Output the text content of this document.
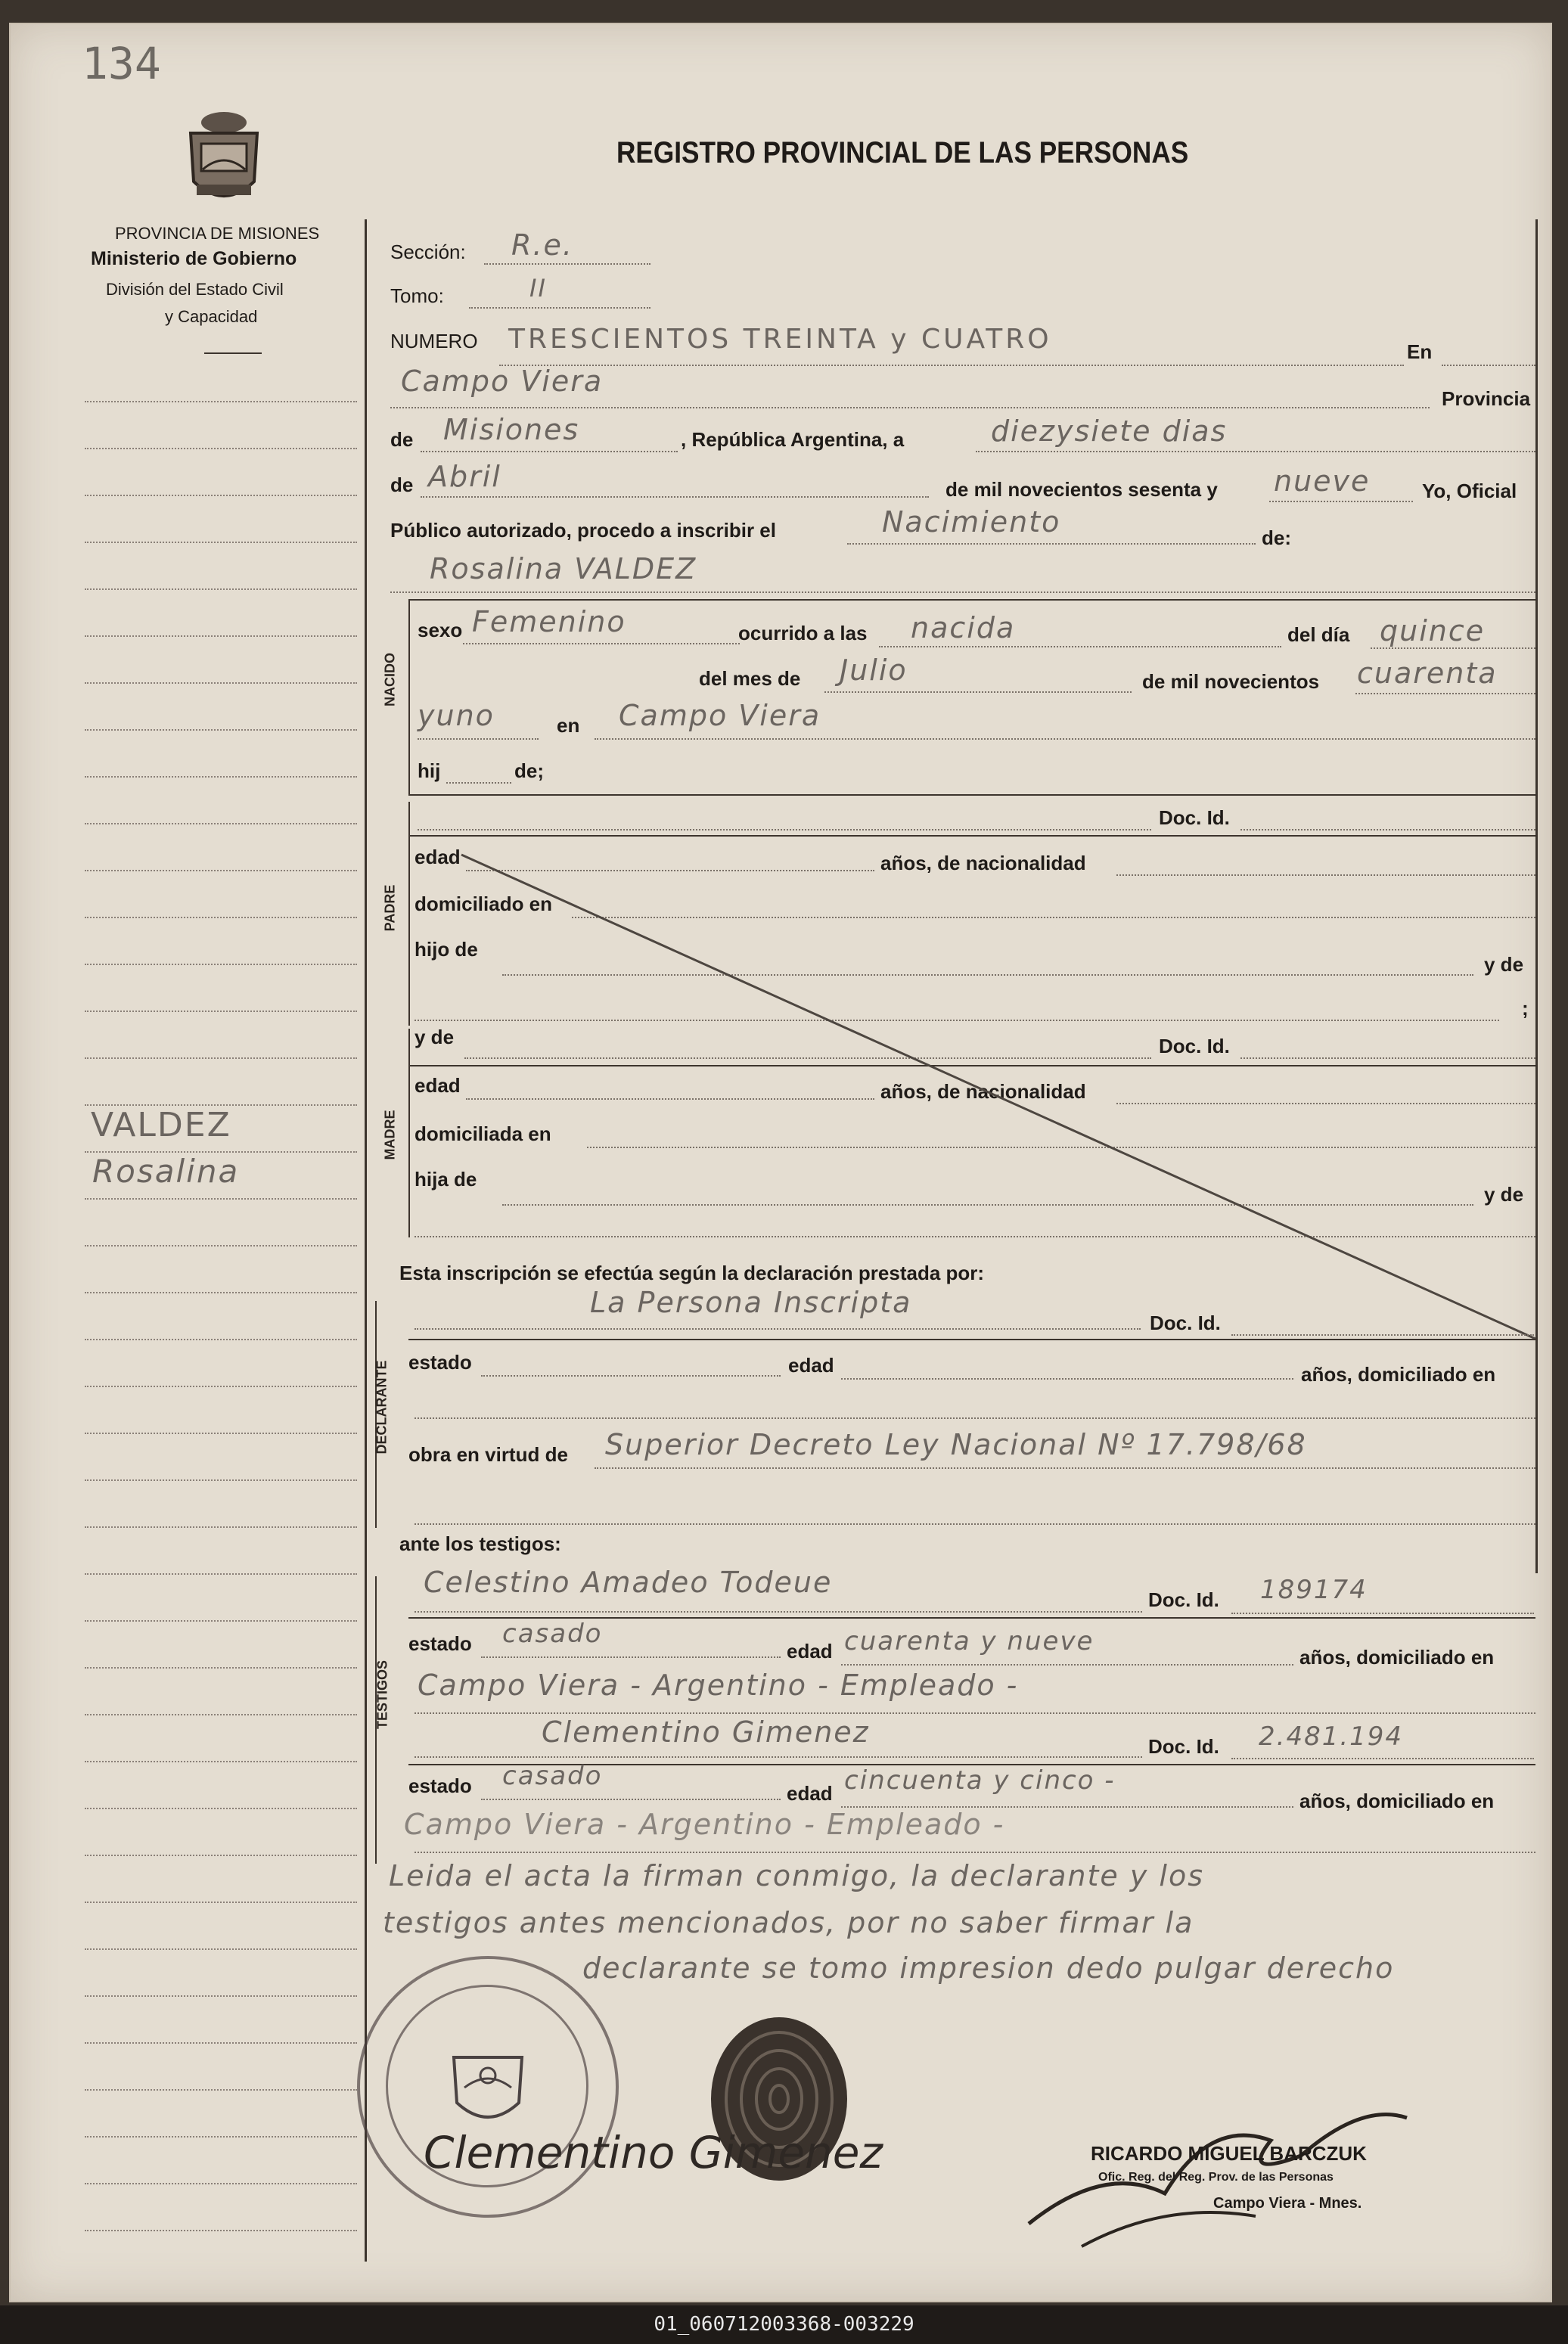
134
PROVINCIA DE MISIONES
Ministerio de Gobierno
División del Estado Civil
y Capacidad
REGISTRO PROVINCIAL DE LAS PERSONAS
VALDEZ
Rosalina
Sección: R.e.
Tomo:	II
NUMERO TRESCIENTOS TREINTA y CUATRO	En
Campo Viera
Provincia
de Misiones	, República Argentina, a	diezysiete dias
de Abril	de mil novecientos sesenta y nueve	Yo, Oficial
Público autorizado, procedo a inscribir el	Nacimiento	de:
Rosalina VALDEZ
NACIDO
sexo Femenino	ocurrido a las nacida	del día quince
del mes de Julio	de mil novecientos cuarenta
yuno	en Campo Viera
hij	de;
PADRE
Doc. Id.
edad	años, de nacionalidad
domiciliado en
hijo de
y de
;
MADRE
y de	Doc. Id.
edad	años, de nacionalidad
domiciliada en
hija de
y de
Esta inscripción se efectúa según la declaración prestada por:
DECLARANTE
La Persona Inscripta
Doc. Id.
estado	edad	años, domiciliado en
obra en virtud de Superior Decreto Ley Nacional Nº 17.798/68
ante los testigos:
TESTIGOS
Celestino Amadeo Todeue
Doc. Id. 189174
estado casado
edad cuarenta y nueve
años, domiciliado en
Campo Viera - Argentino - Empleado -
Clementino Gimenez	Doc. Id. 2.481.194
estado casado
edad cincuenta y cinco -
años, domiciliado en
Campo Viera - Argentino - Empleado -
Leida el acta la firman conmigo, la declarante y los
testigos antes mencionados, por no saber firmar la
declarante se tomo impresion dedo pulgar derecho
Clementino Gimenez	RICARDO MIGUEL BARCZUK
Ofic. Reg. del Reg. Prov. de las Personas
Campo Viera - Mnes.
01_060712003368-003229
